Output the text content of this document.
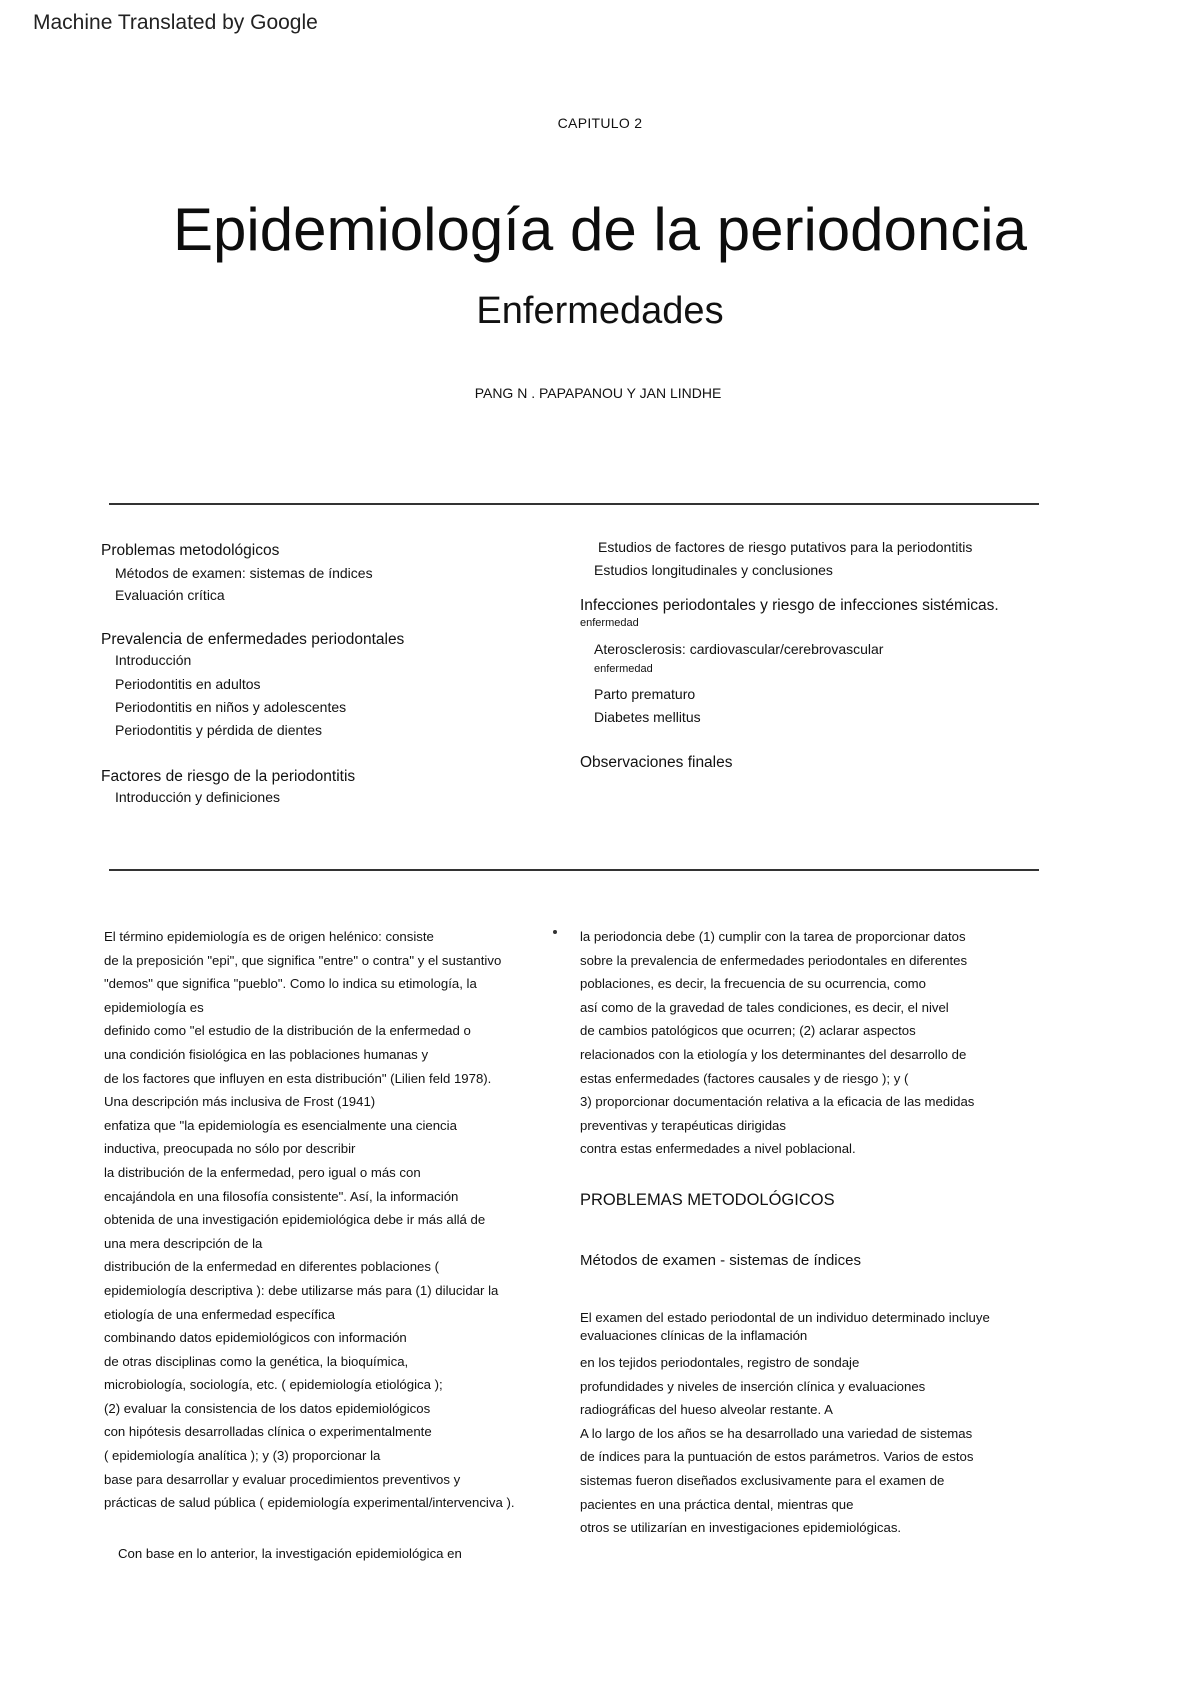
Machine Translated by Google
CAPITULO 2
Epidemiología de la periodoncia
Enfermedades
PANG N . PAPAPANOU Y JAN LINDHE
Problemas metodológicos
Métodos de examen: sistemas de índices
Evaluación crítica
Prevalencia de enfermedades periodontales
Introducción
Periodontitis en adultos
Periodontitis en niños y adolescentes
Periodontitis y pérdida de dientes
Factores de riesgo de la periodontitis
Introducción y definiciones
Estudios de factores de riesgo putativos para la periodontitis
Estudios longitudinales y conclusiones
Infecciones periodontales y riesgo de infecciones sistémicas.
enfermedad
Aterosclerosis: cardiovascular/cerebrovascular
enfermedad
Parto prematuro
Diabetes mellitus
Observaciones finales
El término epidemiología es de origen helénico: consiste
de la preposición "epi", que significa "entre" o contra" y el sustantivo
"demos" que significa "pueblo". Como lo indica su etimología, la
epidemiología es
definido como "el estudio de la distribución de la enfermedad o
una condición fisiológica en las poblaciones humanas y
de los factores que influyen en esta distribución" (Lilien feld 1978).
Una descripción más inclusiva de Frost (1941)
enfatiza que "la epidemiología es esencialmente una ciencia
inductiva, preocupada no sólo por describir
la distribución de la enfermedad, pero igual o más con
encajándola en una filosofía consistente". Así, la información
obtenida de una investigación epidemiológica debe ir más allá de
una mera descripción de la
distribución de la enfermedad en diferentes poblaciones (
epidemiología descriptiva ): debe utilizarse más para (1) dilucidar la
etiología de una enfermedad específica
combinando datos epidemiológicos con información
de otras disciplinas como la genética, la bioquímica,
microbiología, sociología, etc. ( epidemiología etiológica );
(2) evaluar la consistencia de los datos epidemiológicos
con hipótesis desarrolladas clínica o experimentalmente
( epidemiología analítica ); y (3) proporcionar la
base para desarrollar y evaluar procedimientos preventivos y
prácticas de salud pública ( epidemiología experimental/intervenciva ).
Con base en lo anterior, la investigación epidemiológica en
la periodoncia debe (1) cumplir con la tarea de proporcionar datos
sobre la prevalencia de enfermedades periodontales en diferentes
poblaciones, es decir, la frecuencia de su ocurrencia, como
así como de la gravedad de tales condiciones, es decir, el nivel
de cambios patológicos que ocurren; (2) aclarar aspectos
relacionados con la etiología y los determinantes del desarrollo de
estas enfermedades (factores causales y de riesgo ); y (
3) proporcionar documentación relativa a la eficacia de las medidas
preventivas y terapéuticas dirigidas
contra estas enfermedades a nivel poblacional.
PROBLEMAS METODOLÓGICOS
Métodos de examen - sistemas de índices
El examen del estado periodontal de un individuo determinado incluye
evaluaciones clínicas de la inflamación
en los tejidos periodontales, registro de sondaje
profundidades y niveles de inserción clínica y evaluaciones
radiográficas del hueso alveolar restante. A
A lo largo de los años se ha desarrollado una variedad de sistemas
de índices para la puntuación de estos parámetros. Varios de estos
sistemas fueron diseñados exclusivamente para el examen de
pacientes en una práctica dental, mientras que
otros se utilizarían en investigaciones epidemiológicas.
